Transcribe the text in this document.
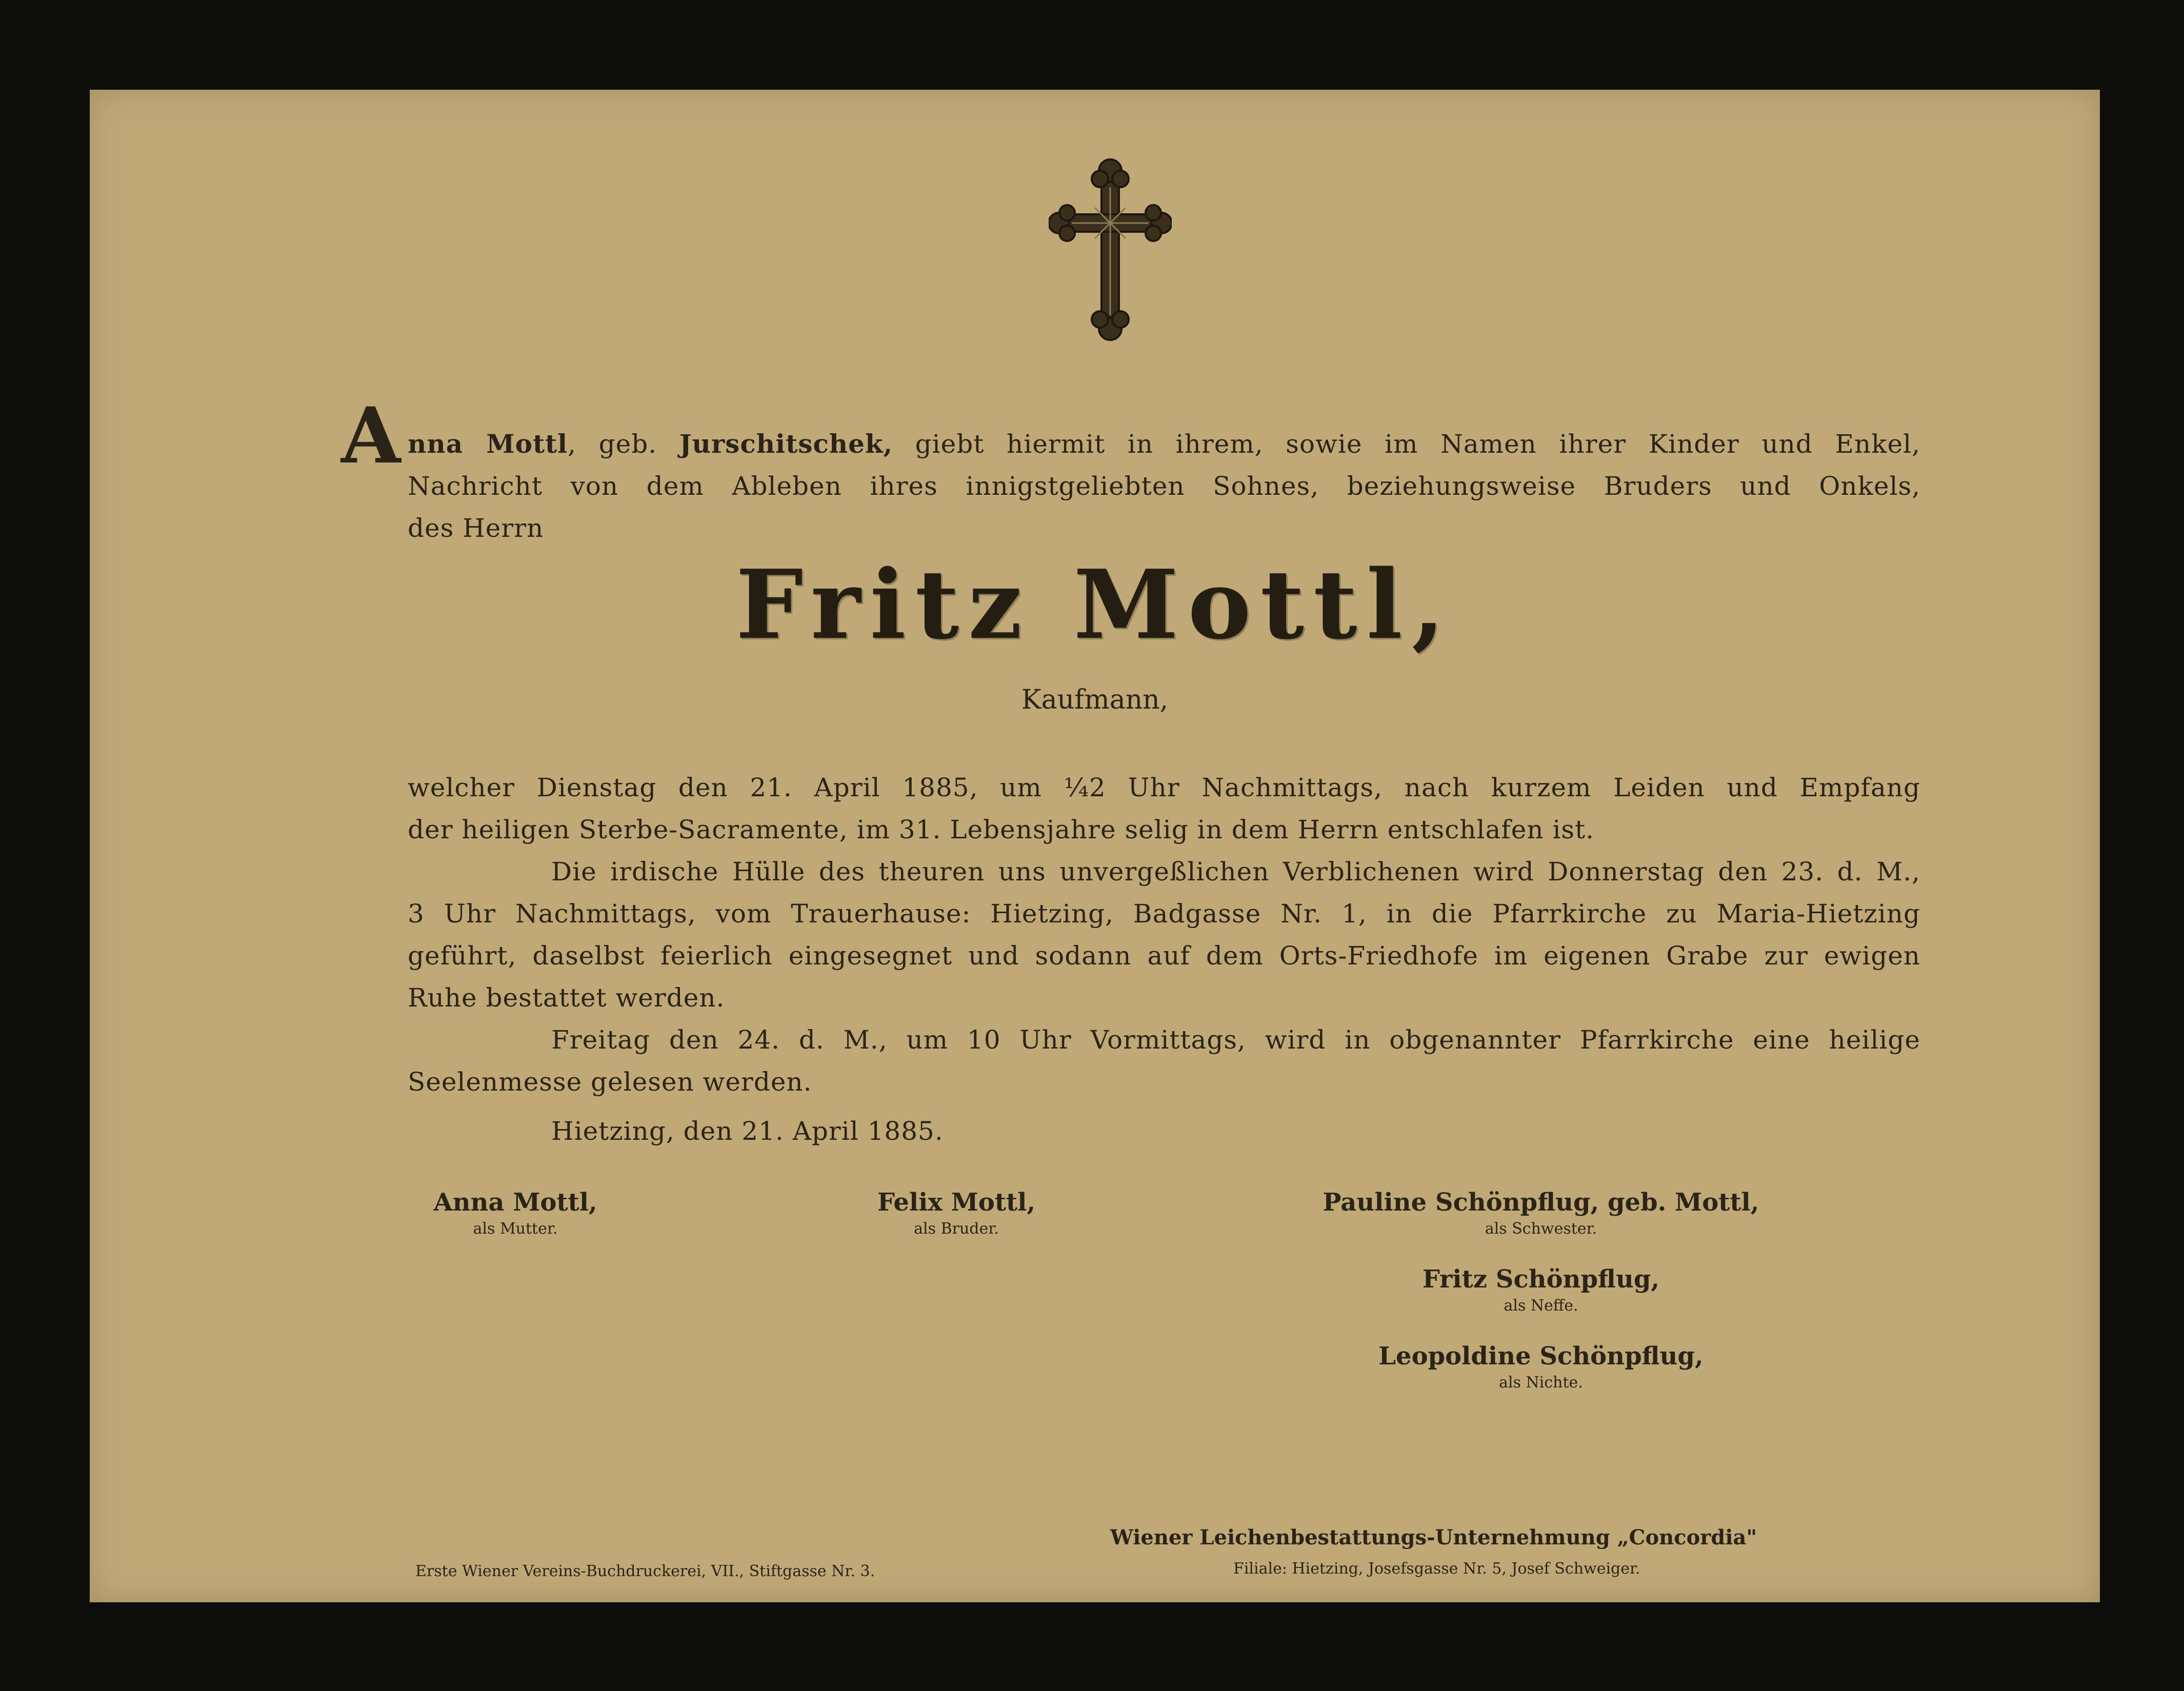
A nna Mottl, geb. Jurschitschek, giebt hiermit in ihrem, sowie im Namen ihrer Kinder und Enkel,
Nachricht von dem Ableben ihres innigstgeliebten Sohnes, beziehungsweise Bruders und Onkels,
des Herrn
Fritz Mottl,
Kaufmann,
welcher Dienstag den 21. April 1885, um ¼2 Uhr Nachmittags, nach kurzem Leiden und Empfang
der heiligen Sterbe-Sacramente, im 31. Lebensjahre selig in dem Herrn entschlafen ist.
Die irdische Hülle des theuren uns unvergeßlichen Verblichenen wird Donnerstag den 23. d. M.,
3 Uhr Nachmittags, vom Trauerhause: Hietzing, Badgasse Nr. 1, in die Pfarrkirche zu Maria-Hietzing
geführt, daselbst feierlich eingesegnet und sodann auf dem Orts-Friedhofe im eigenen Grabe zur ewigen
Ruhe bestattet werden.
Freitag den 24. d. M., um 10 Uhr Vormittags, wird in obgenannter Pfarrkirche eine heilige
Seelenmesse gelesen werden.
Hietzing, den 21. April 1885.
Anna Mottl,
als Mutter.
Felix Mottl,
als Bruder.
Pauline Schönpflug, geb. Mottl,
als Schwester.
Fritz Schönpflug,
als Neffe.
Leopoldine Schönpflug,
als Nichte.
Erste Wiener Vereins-Buchdruckerei, VII., Stiftgasse Nr. 3.
Wiener Leichenbestattungs-Unternehmung „Concordia"
Filiale: Hietzing, Josefsgasse Nr. 5, Josef Schweiger.
